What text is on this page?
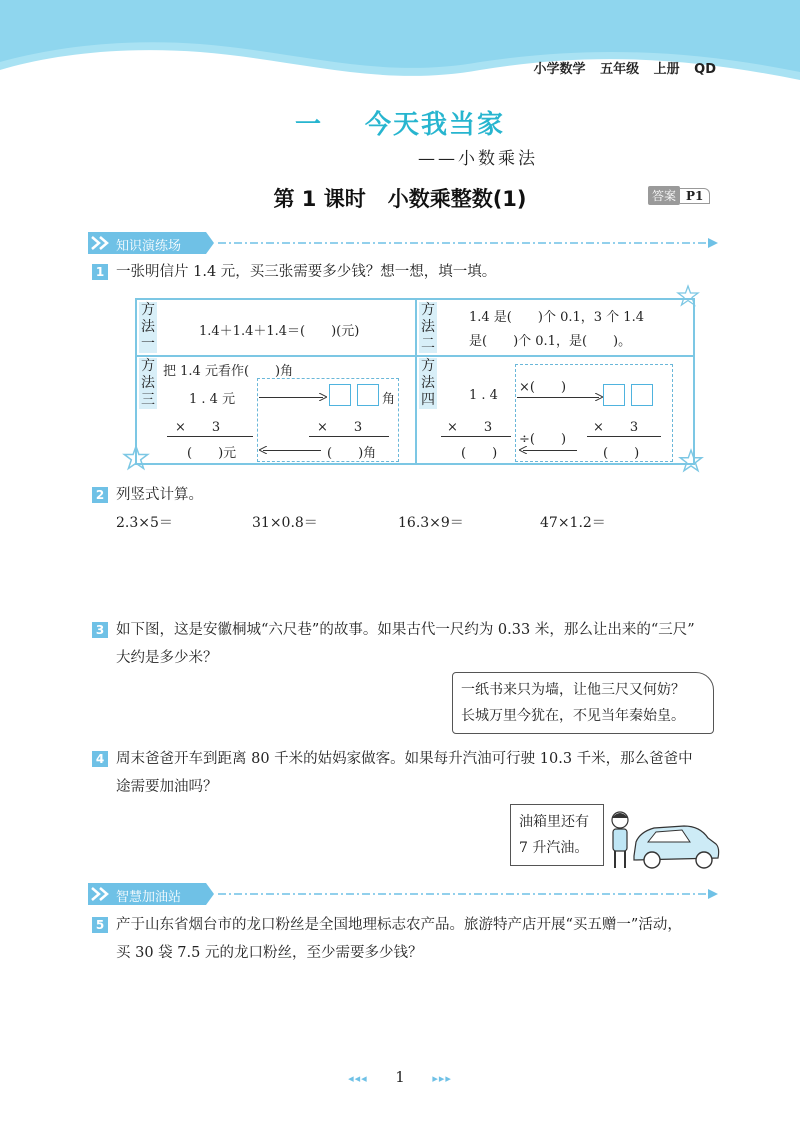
小学数学 五年级 上册 QD
一 今天我当家
——小数乘法
第 1 课时 小数乘整数(1)	答案 P1
知识演练场
1 一张明信片 1.4 元，买三张需要多少钱？想一想，填一填。
方法一
1.4＋1.4＋1.4＝(　　)(元)
方法二
1.4 是(　　)个 0.1，3 个 1.4
是(　　)个 0.1，是(　　)。
方法三
把 1.4 元看作(　　)角
1 . 4 元
×　　3
(　　)元
角
×　　3
(　　)角
方法四	1 . 4
×　　3
(　　)
×(　　)
×　　3
(　　)
÷(　　)
2 列竖式计算。
2.3×5＝	31×0.8＝	16.3×9＝	47×1.2＝
3 如下图，这是安徽桐城“六尺巷”的故事。如果古代一尺约为 0.33 米，那么让出来的“三尺”
大约是多少米？
一纸书来只为墙，让他三尺又何妨？
长城万里今犹在，不见当年秦始皇。
4 周末爸爸开车到距离 80 千米的姑妈家做客。如果每升汽油可行驶 10.3 千米，那么爸爸中
途需要加油吗？
油箱里还有
7 升汽油。
智慧加油站
5 产于山东省烟台市的龙口粉丝是全国地理标志农产品。旅游特产店开展“买五赠一”活动，
买 30 袋 7.5 元的龙口粉丝，至少需要多少钱？
◂◂◂ 1	▸▸▸
